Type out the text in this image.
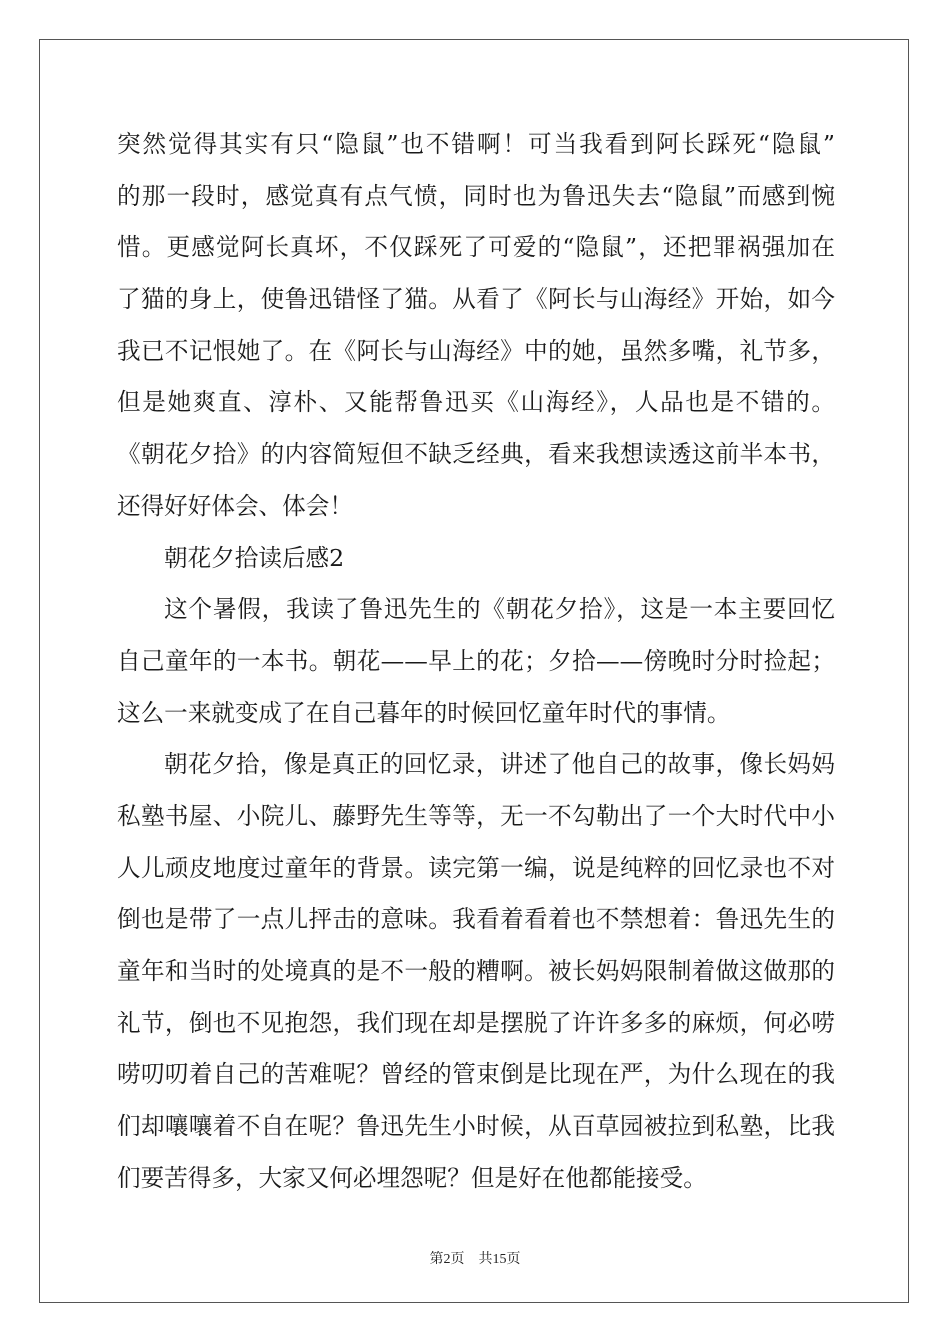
突然觉得其实有只“隐鼠”也不错啊！可当我看到阿长踩死“隐鼠”
的那一段时，感觉真有点气愤，同时也为鲁迅失去“隐鼠”而感到惋
惜。更感觉阿长真坏，不仅踩死了可爱的“隐鼠”，还把罪祸强加在
了猫的身上，使鲁迅错怪了猫。从看了《阿长与山海经》开始，如今
我已不记恨她了。在《阿长与山海经》中的她，虽然多嘴，礼节多，
但是她爽直、淳朴、又能帮鲁迅买《山海经》，人品也是不错的。
《朝花夕拾》的内容简短但不缺乏经典，看来我想读透这前半本书，
还得好好体会、体会！
朝花夕拾读后感2
这个暑假，我读了鲁迅先生的《朝花夕拾》，这是一本主要回忆
自己童年的一本书。朝花——早上的花；夕拾——傍晚时分时捡起；
这么一来就变成了在自己暮年的时候回忆童年时代的事情。
朝花夕拾，像是真正的回忆录，讲述了他自己的故事，像长妈妈
私塾书屋、小院儿、藤野先生等等，无一不勾勒出了一个大时代中小
人儿顽皮地度过童年的背景。读完第一编，说是纯粹的回忆录也不对
倒也是带了一点儿抨击的意味。我看着看着也不禁想着：鲁迅先生的
童年和当时的处境真的是不一般的糟啊。被长妈妈限制着做这做那的
礼节，倒也不见抱怨，我们现在却是摆脱了许许多多的麻烦，何必唠
唠叨叨着自己的苦难呢？曾经的管束倒是比现在严，为什么现在的我
们却嚷嚷着不自在呢？鲁迅先生小时候，从百草园被拉到私塾，比我
们要苦得多，大家又何必埋怨呢？但是好在他都能接受。
第2页 共15页
